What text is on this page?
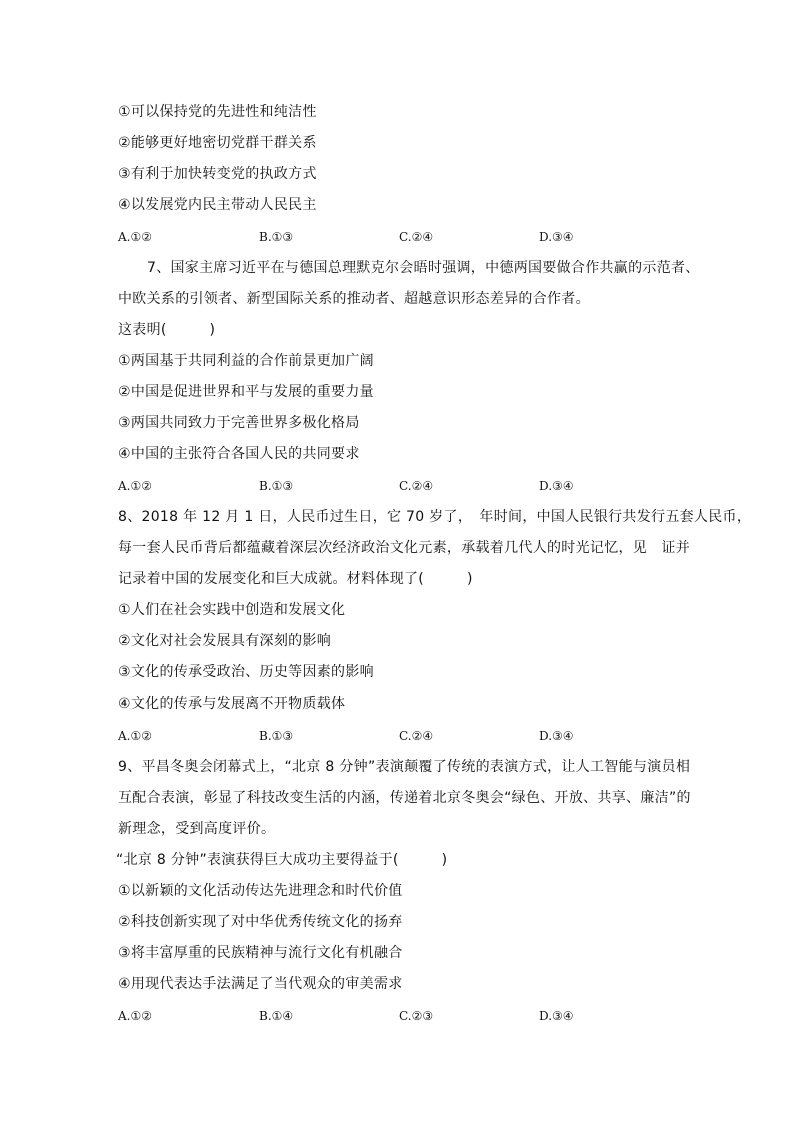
①可以保持党的先进性和纯洁性
②能够更好地密切党群干群关系
③有利于加快转变党的执政方式
④以发展党内民主带动人民民主
A.①②	B.①③	C.②④	D.③④
7、国家主席习近平在与德国总理默克尔会晤时强调，中德两国要做合作共赢的示范者、
中欧关系的引领者、新型国际关系的推动者、超越意识形态差异的合作者。
这表明(　　　)
①两国基于共同利益的合作前景更加广阔
②中国是促进世界和平与发展的重要力量
③两国共同致力于完善世界多极化格局
④中国的主张符合各国人民的共同要求
A.①②	B.①③	C.②④	D.③④
8、2018 年 12 月 1 日，人民币过生日，它 70 岁了，　年时间，中国人民银行共发行五套人民币，
每一套人民币背后都蕴藏着深层次经济政治文化元素，承载着几代人的时光记忆，见　证并
记录着中国的发展变化和巨大成就。材料体现了(　　　)
①人们在社会实践中创造和发展文化
②文化对社会发展具有深刻的影响
③文化的传承受政治、历史等因素的影响
④文化的传承与发展离不开物质载体
A.①②	B.①③	C.②④	D.③④
9、平昌冬奥会闭幕式上，“北京 8 分钟”表演颠覆了传统的表演方式，让人工智能与演员相
互配合表演，彰显了科技改变生活的内涵，传递着北京冬奥会“绿色、开放、共享、廉洁”的
新理念，受到高度评价。
“北京 8 分钟”表演获得巨大成功主要得益于(　　　)
①以新颖的文化活动传达先进理念和时代价值
②科技创新实现了对中华优秀传统文化的扬弃
③将丰富厚重的民族精神与流行文化有机融合
④用现代表达手法满足了当代观众的审美需求
A.①②	B.①④	C.②③	D.③④
